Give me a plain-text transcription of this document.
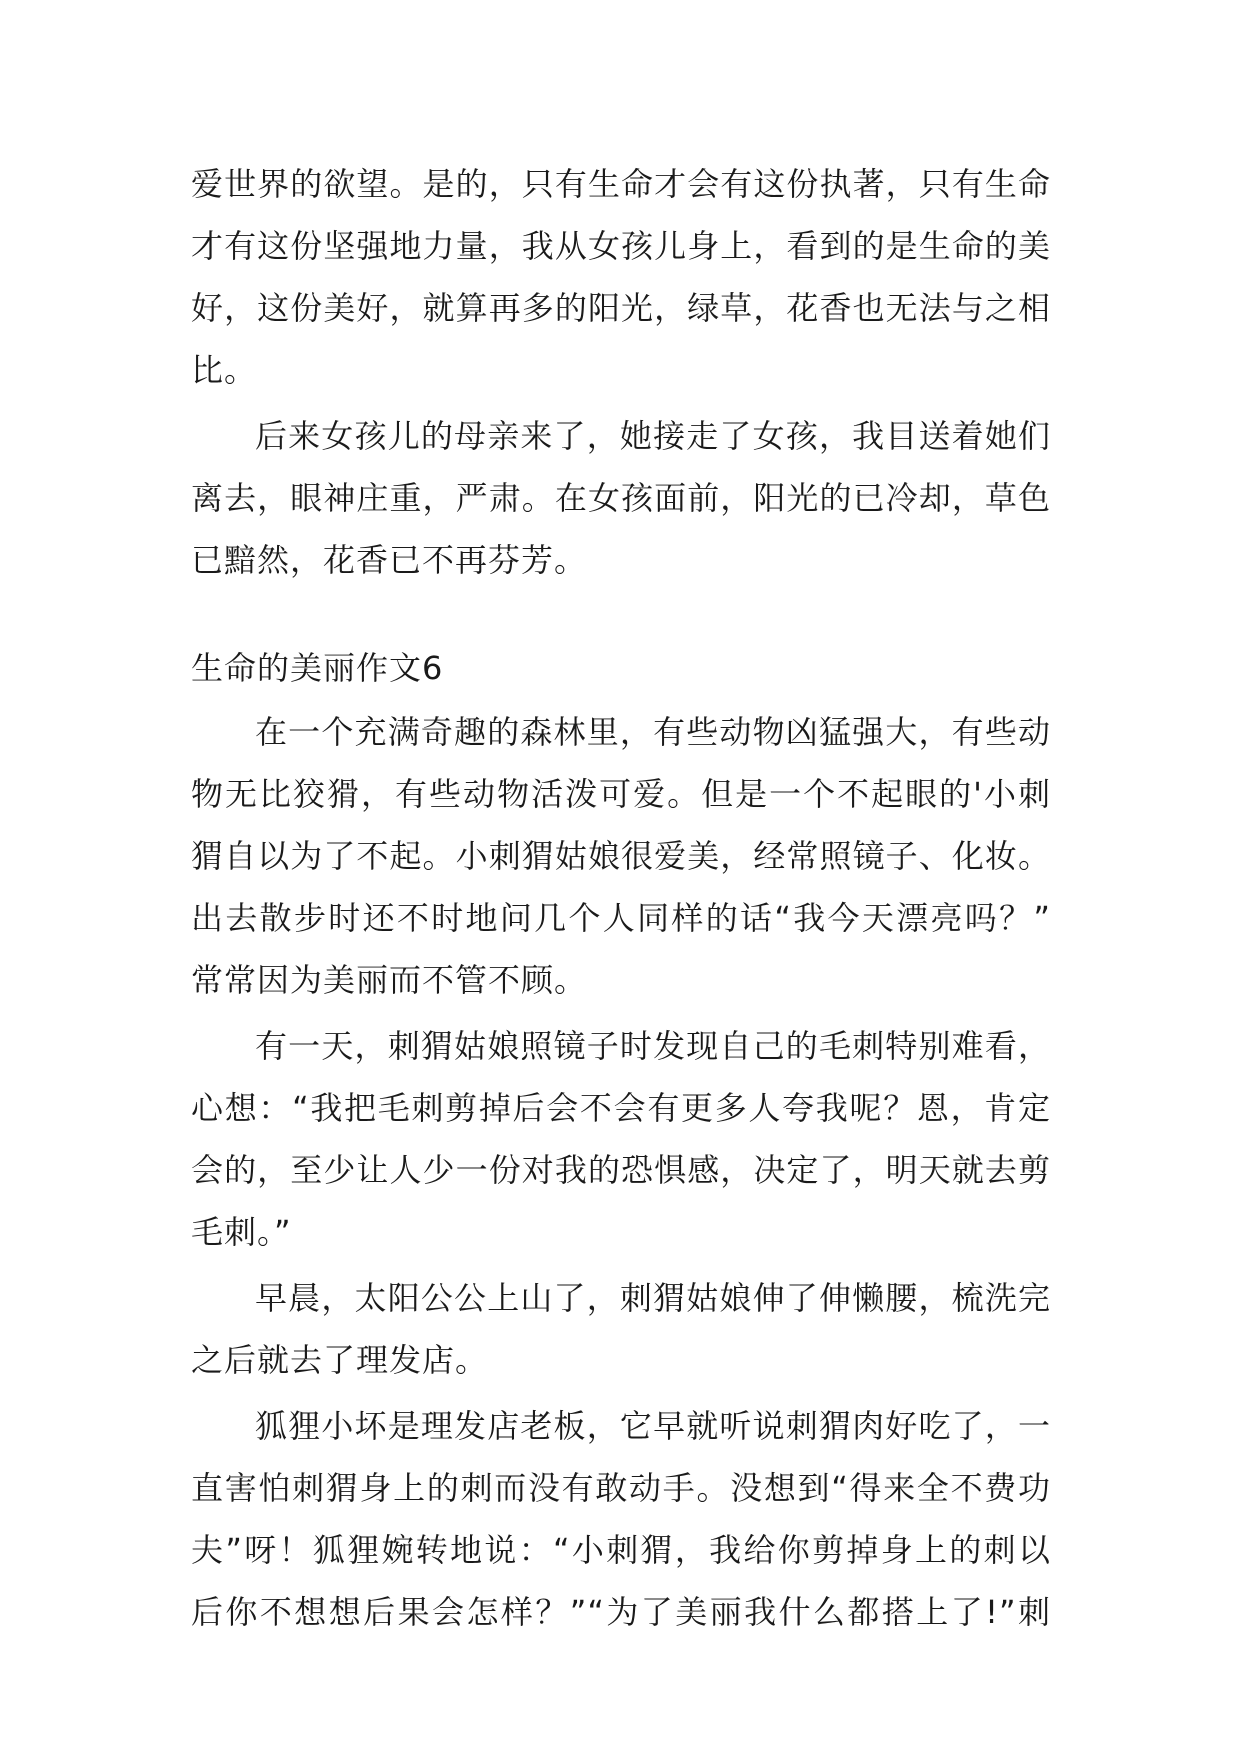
爱世界的欲望。是的，只有生命才会有这份执著，只有生命
才有这份坚强地力量，我从女孩儿身上，看到的是生命的美
好，这份美好，就算再多的阳光，绿草，花香也无法与之相
比。
后来女孩儿的母亲来了，她接走了女孩，我目送着她们
离去，眼神庄重，严肃。在女孩面前，阳光的已冷却，草色
已黯然，花香已不再芬芳。
生命的美丽作文6
在一个充满奇趣的森林里，有些动物凶猛强大，有些动
物无比狡猾，有些动物活泼可爱。但是一个不起眼的'小刺
猬自以为了不起。小刺猬姑娘很爱美，经常照镜子、化妆。
出去散步时还不时地问几个人同样的话“我今天漂亮吗？”
常常因为美丽而不管不顾。
有一天，刺猬姑娘照镜子时发现自己的毛刺特别难看，
心想：“我把毛刺剪掉后会不会有更多人夸我呢？恩，肯定
会的，至少让人少一份对我的恐惧感，决定了，明天就去剪
毛刺。”
早晨，太阳公公上山了，刺猬姑娘伸了伸懒腰，梳洗完
之后就去了理发店。
狐狸小坏是理发店老板，它早就听说刺猬肉好吃了，一
直害怕刺猬身上的刺而没有敢动手。没想到“得来全不费功
夫”呀！狐狸婉转地说：“小刺猬，我给你剪掉身上的刺以
后你不想想后果会怎样？”“为了美丽我什么都搭上了!”刺
